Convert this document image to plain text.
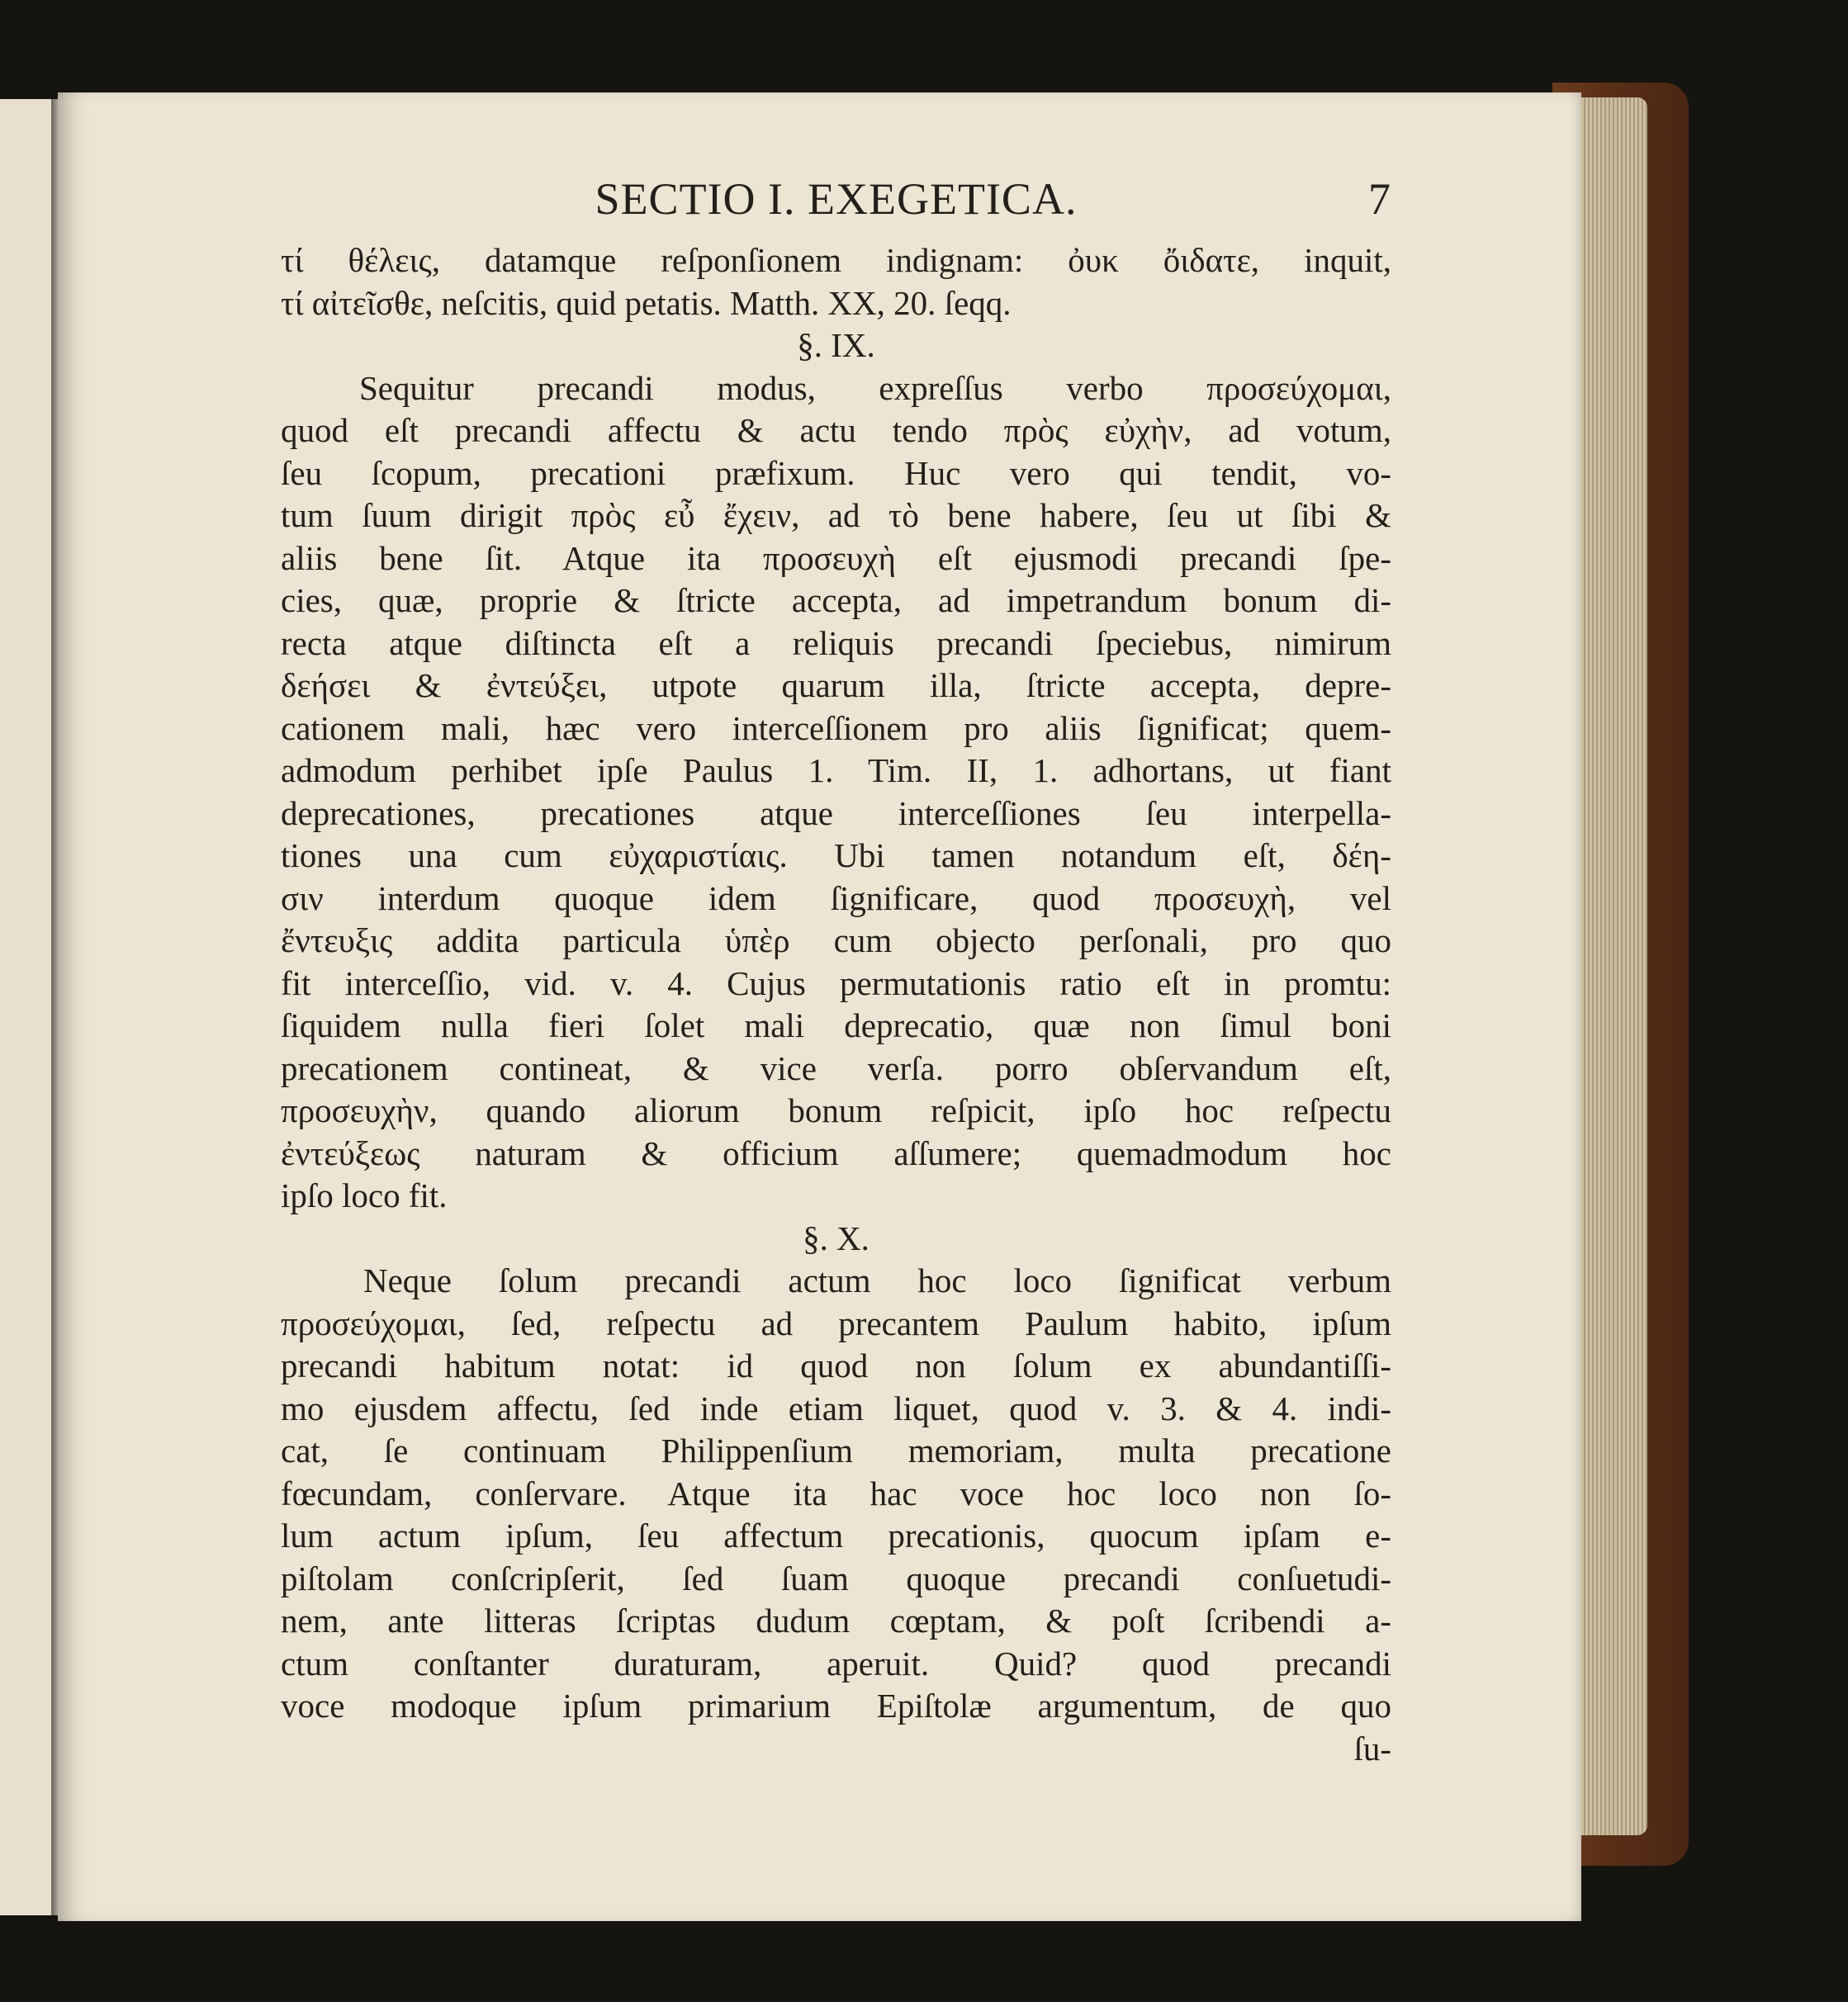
SECTIO I. EXEGETICA.	7
τί θέλεις, datamque reſponſionem indignam: ὀυκ ὄιδατε, inquit,
τί αἰτεῖσθε, neſcitis, quid petatis. Matth. XX, 20. ſeqq.
§. IX.
Sequitur precandi modus, expreſſus verbo προσεύχομαι,
quod eſt precandi affectu & actu tendo πρὸς εὐχὴν, ad votum,
ſeu ſcopum, precationi præfixum. Huc vero qui tendit, vo-
tum ſuum dirigit πρὸς εὖ ἔχειν, ad τὸ bene habere, ſeu ut ſibi &
aliis bene ſit. Atque ita προσευχὴ eſt ejusmodi precandi ſpe-
cies, quæ, proprie & ſtricte accepta, ad impetrandum bonum di-
recta atque diſtincta eſt a reliquis precandi ſpeciebus, nimirum
δεήσει & ἐντεύξει, utpote quarum illa, ſtricte accepta, depre-
cationem mali, hæc vero interceſſionem pro aliis ſignificat; quem-
admodum perhibet ipſe Paulus 1. Tim. II, 1. adhortans, ut fiant
deprecationes, precationes atque interceſſiones ſeu interpella-
tiones una cum εὐχαριστίαις. Ubi tamen notandum eſt, δέη-
σιν interdum quoque idem ſignificare, quod προσευχὴ, vel
ἔντευξις addita particula ὑπὲρ cum objecto perſonali, pro quo
fit interceſſio, vid. v. 4. Cujus permutationis ratio eſt in promtu:
ſiquidem nulla fieri ſolet mali deprecatio, quæ non ſimul boni
precationem contineat, & vice verſa. porro obſervandum eſt,
προσευχὴν, quando aliorum bonum reſpicit, ipſo hoc reſpectu
ἐντεύξεως naturam & officium aſſumere; quemadmodum hoc
ipſo loco fit.
§. X.
Neque ſolum precandi actum hoc loco ſignificat verbum
προσεύχομαι, ſed, reſpectu ad precantem Paulum habito, ipſum
precandi habitum notat: id quod non ſolum ex abundantiſſi-
mo ejusdem affectu, ſed inde etiam liquet, quod v. 3. & 4. indi-
cat, ſe continuam Philippenſium memoriam, multa precatione
fœcundam, conſervare. Atque ita hac voce hoc loco non ſo-
lum actum ipſum, ſeu affectum precationis, quocum ipſam e-
piſtolam conſcripſerit, ſed ſuam quoque precandi conſuetudi-
nem, ante litteras ſcriptas dudum cœptam, & poſt ſcribendi a-
ctum conſtanter duraturam, aperuit. Quid? quod precandi
voce modoque ipſum primarium Epiſtolæ argumentum, de quo
ſu-
